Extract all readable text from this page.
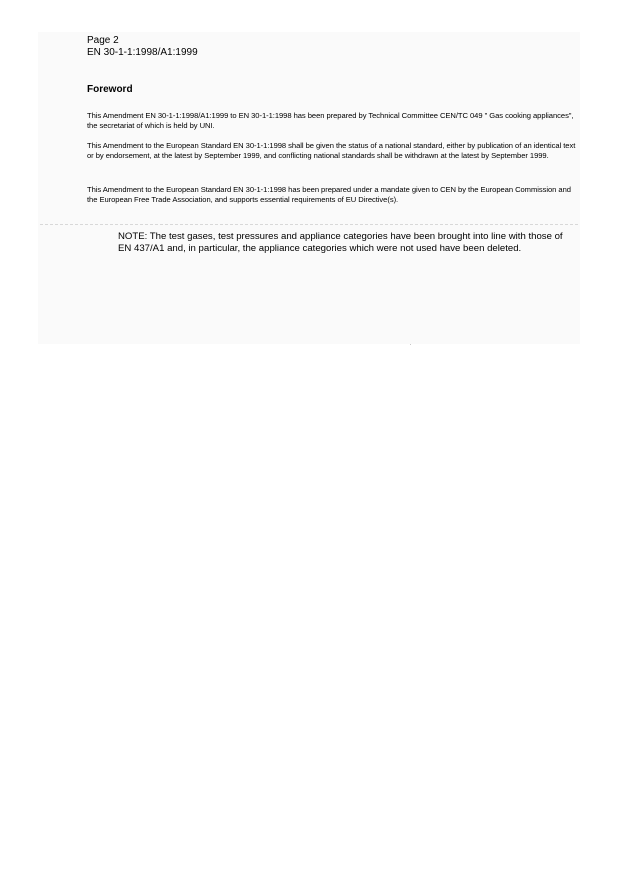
Page 2
EN 30-1-1:1998/A1:1999
Foreword
This Amendment EN 30-1-1:1998/A1:1999 to EN 30-1-1:1998 has been prepared by Technical Committee CEN/TC 049 " Gas cooking appliances", the secretariat of which is held by UNI.
This Amendment to the European Standard EN 30-1-1:1998 shall be given the status of a national standard, either by publication of an identical text or by endorsement, at the latest by September 1999, and conflicting national standards shall be withdrawn at the latest by September 1999.
This Amendment to the European Standard EN 30-1-1:1998 has been prepared under a mandate given to CEN by the European Commission and the European Free Trade Association, and supports essential requirements of EU Directive(s).
NOTE: The test gases, test pressures and appliance categories have been brought into line with those of EN 437/A1 and, in particular, the appliance categories which were not used have been deleted.
